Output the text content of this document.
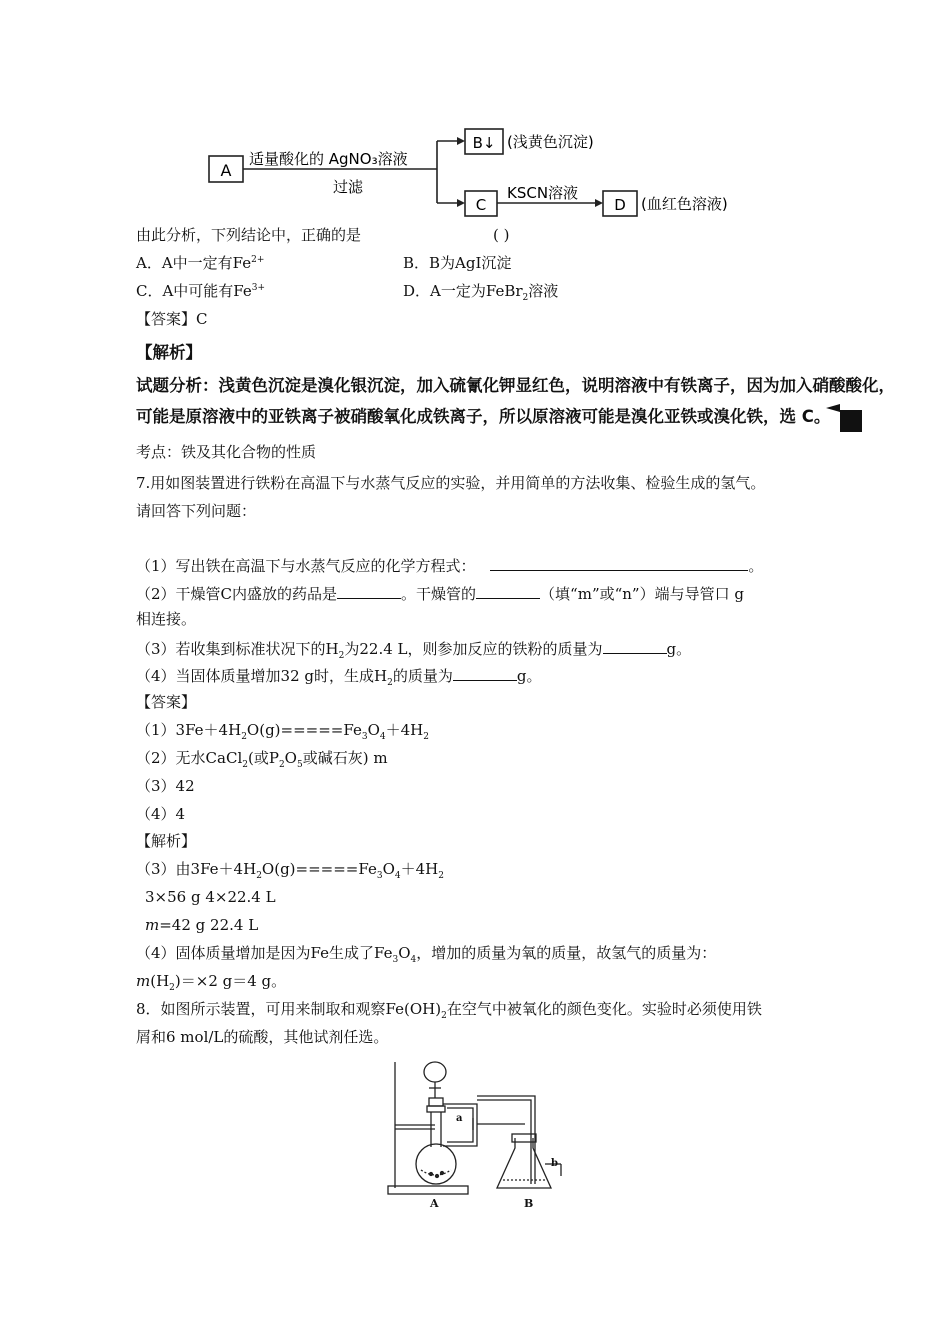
A
适量酸化的 AgNO₃溶液
过滤
B↓ (浅黄色沉淀)
C
KSCN溶液
D (血红色溶液)
由此分析，下列结论中，正确的是	( )
A．A中一定有$Fe^{2+}$	B．B为AgI沉淀
C．A中可能有$Fe^{3+}$	D．A一定为FeBr$_2$溶液
【答案】C
【解析】
试题分析：浅黄色沉淀是溴化银沉淀，加入硫氰化钾显红色，说明溶液中有铁离子，因为加入硝酸酸化，
可能是原溶液中的亚铁离子被硝酸氧化成铁离子，所以原溶液可能是溴化亚铁或溴化铁，选 C。
考点：铁及其化合物的性质
7.用如图装置进行铁粉在高温下与水蒸气反应的实验，并用简单的方法收集、检验生成的氢气。
请回答下列问题：
（1）写出铁在高温下与水蒸气反应的化学方程式：	。
（2）干燥管C内盛放的药品是	。干燥管的	（填“m”或“n”）端与导管口 g
相连接。
（3）若收集到标准状况下的$H_2$为22.4 L，则参加反应的铁粉的质量为	g。
（4）当固体质量增加32 g时，生成$H_2$的质量为	g。
【答案】
$(1)3Fe+4H_2O(g)=====Fe_3O_4+4H_2$
（2）无水CaCl$_2$(或$P_2O_5$或碱石灰) m
（3）42
（4）4
【解析】
（3）由$3Fe+4H_2O(g)=====Fe_3O_4+4H_2$
3×56 g 4×22.4 L
m=42 g 22.4 L
（4）固体质量增加是因为Fe生成了$Fe_3O_4$，增加的质量为氧的质量，故氢气的质量为：
$m(H_2)=\times 2$ g＝4 g。
8．如图所示装置，可用来制取和观察$Fe(OH)_2$在空气中被氧化的颜色变化。实验时必须使用铁
屑和6 mol/L的硫酸，其他试剂任选。
a
b
A	B
